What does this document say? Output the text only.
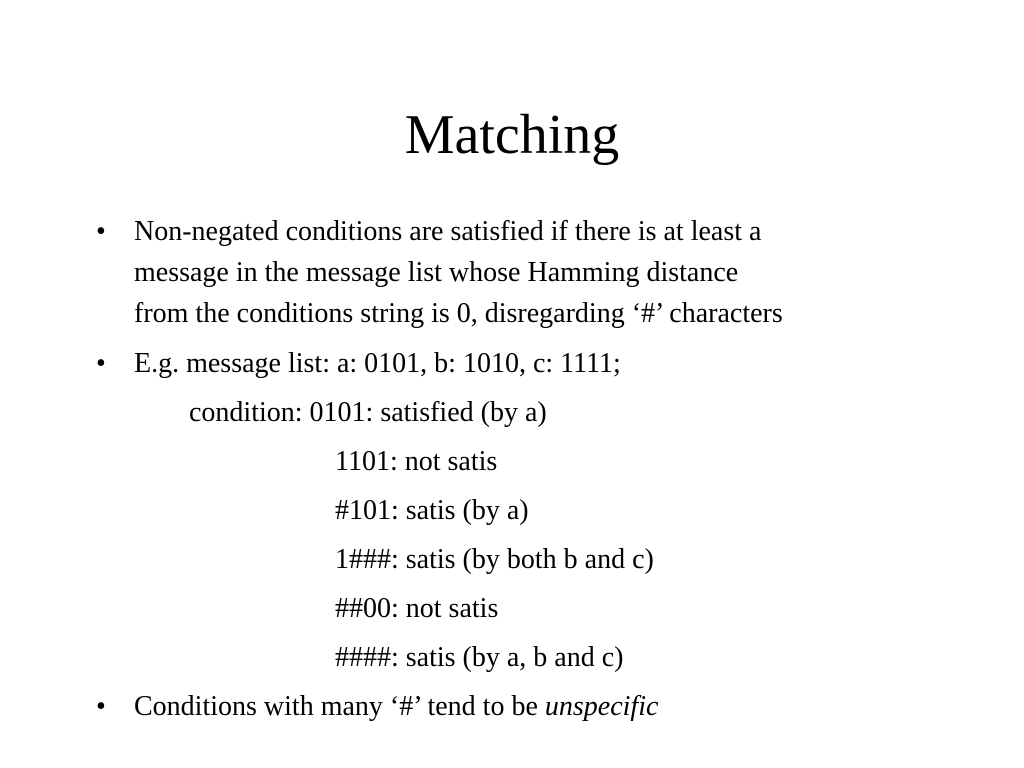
Matching
• Non-negated conditions are satisfied if there is at least a
message in the message list whose Hamming distance
from the conditions string is 0, disregarding ‘#’ characters
• E.g. message list: a: 0101, b: 1010, c: 1111;
condition: 0101: satisfied (by a)
1101: not satis
#101: satis (by a)
1###: satis (by both b and c)
##00: not satis
####: satis (by a, b and c)
• Conditions with many ‘#’ tend to be unspecific
